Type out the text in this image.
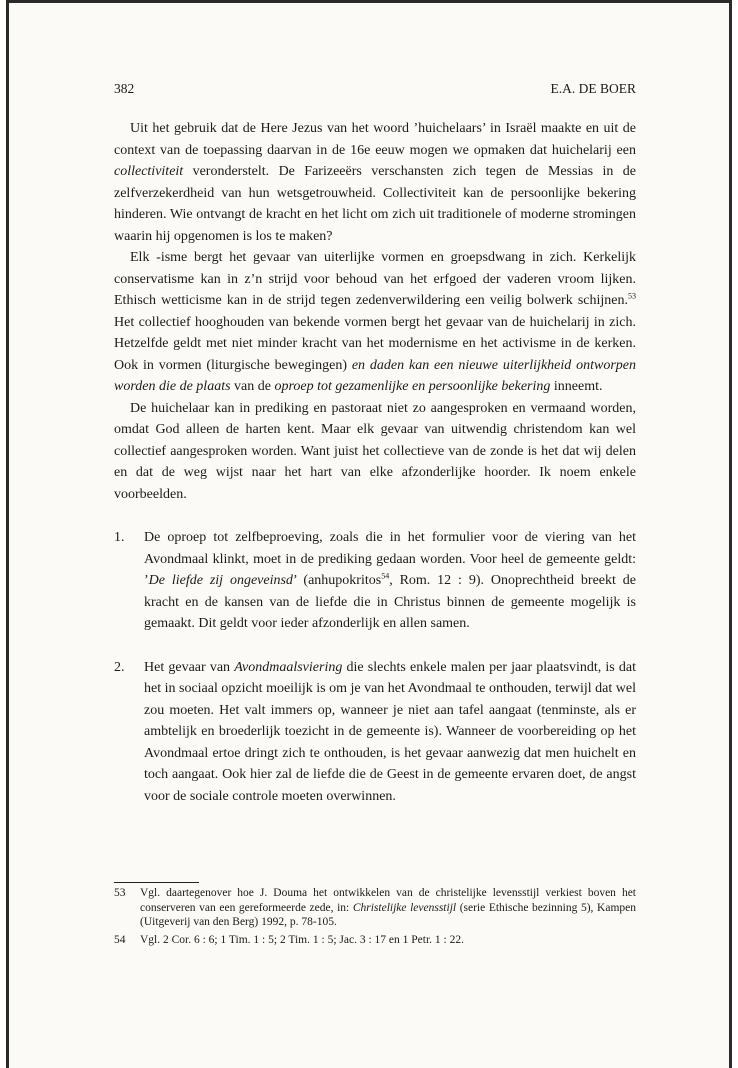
382	E.A. DE BOER

Uit het gebruik dat de Here Jezus van het woord ’huichelaars’ in Israël maakte en uit de context van de toepassing daarvan in de 16e eeuw mogen we opmaken dat huichelarij een collectiviteit veronderstelt. De Farizeeërs verschansten zich tegen de Messias in de zelfverzekerdheid van hun wetsgetrouwheid. Collectiviteit kan de persoonlijke bekering hinderen. Wie ontvangt de kracht en het licht om zich uit traditionele of moderne stromingen waarin hij opgenomen is los te maken?

Elk -isme bergt het gevaar van uiterlijke vormen en groepsdwang in zich. Kerkelijk conservatisme kan in z’n strijd voor behoud van het erfgoed der vaderen vroom lijken. Ethisch wetticisme kan in de strijd tegen zedenverwildering een veilig bolwerk schijnen.$^{53}$ Het collectief hooghouden van bekende vormen bergt het gevaar van de huichelarij in zich. Hetzelfde geldt met niet minder kracht van het modernisme en het activisme in de kerken. Ook in vormen (liturgische bewegingen) en daden kan een nieuwe uiterlijkheid ontworpen worden die de plaats van de oproep tot gezamenlijke en persoonlijke bekering inneemt.

De huichelaar kan in prediking en pastoraat niet zo aangesproken en vermaand worden, omdat God alleen de harten kent. Maar elk gevaar van uitwendig christendom kan wel collectief aangesproken worden. Want juist het collectieve van de zonde is het dat wij delen en dat de weg wijst naar het hart van elke afzonderlijke hoorder. Ik noem enkele voorbeelden.

1. De oproep tot zelfbeproeving, zoals die in het formulier voor de viering van het Avondmaal klinkt, moet in de prediking gedaan worden. Voor heel de gemeente geldt: ’De liefde zij ongeveinsd’ (anhupokritos$^{54}$, Rom. 12 : 9). Onoprechtheid breekt de kracht en de kansen van de liefde die in Christus binnen de gemeente mogelijk is gemaakt. Dit geldt voor ieder afzonderlijk en allen samen.
2. Het gevaar van Avondmaalsviering die slechts enkele malen per jaar plaatsvindt, is dat het in sociaal opzicht moeilijk is om je van het Avondmaal te onthouden, terwijl dat wel zou moeten. Het valt immers op, wanneer je niet aan tafel aangaat (tenminste, als er ambtelijk en broederlijk toezicht in de gemeente is). Wanneer de voorbereiding op het Avondmaal ertoe dringt zich te onthouden, is het gevaar aanwezig dat men huichelt en toch aangaat. Ook hier zal de liefde die de Geest in de gemeente ervaren doet, de angst voor de sociale controle moeten overwinnen.
53 Vgl. daartegenover hoe J. Douma het ontwikkelen van de christelijke levensstijl verkiest boven het conserveren van een gereformeerde zede, in: Christelijke levensstijl (serie Ethische bezinning 5), Kampen (Uitgeverij van den Berg) 1992, p. 78-105.
54 Vgl. 2 Cor. 6 : 6; 1 Tim. 1 : 5; 2 Tim. 1 : 5; Jac. 3 : 17 en 1 Petr. 1 : 22.
